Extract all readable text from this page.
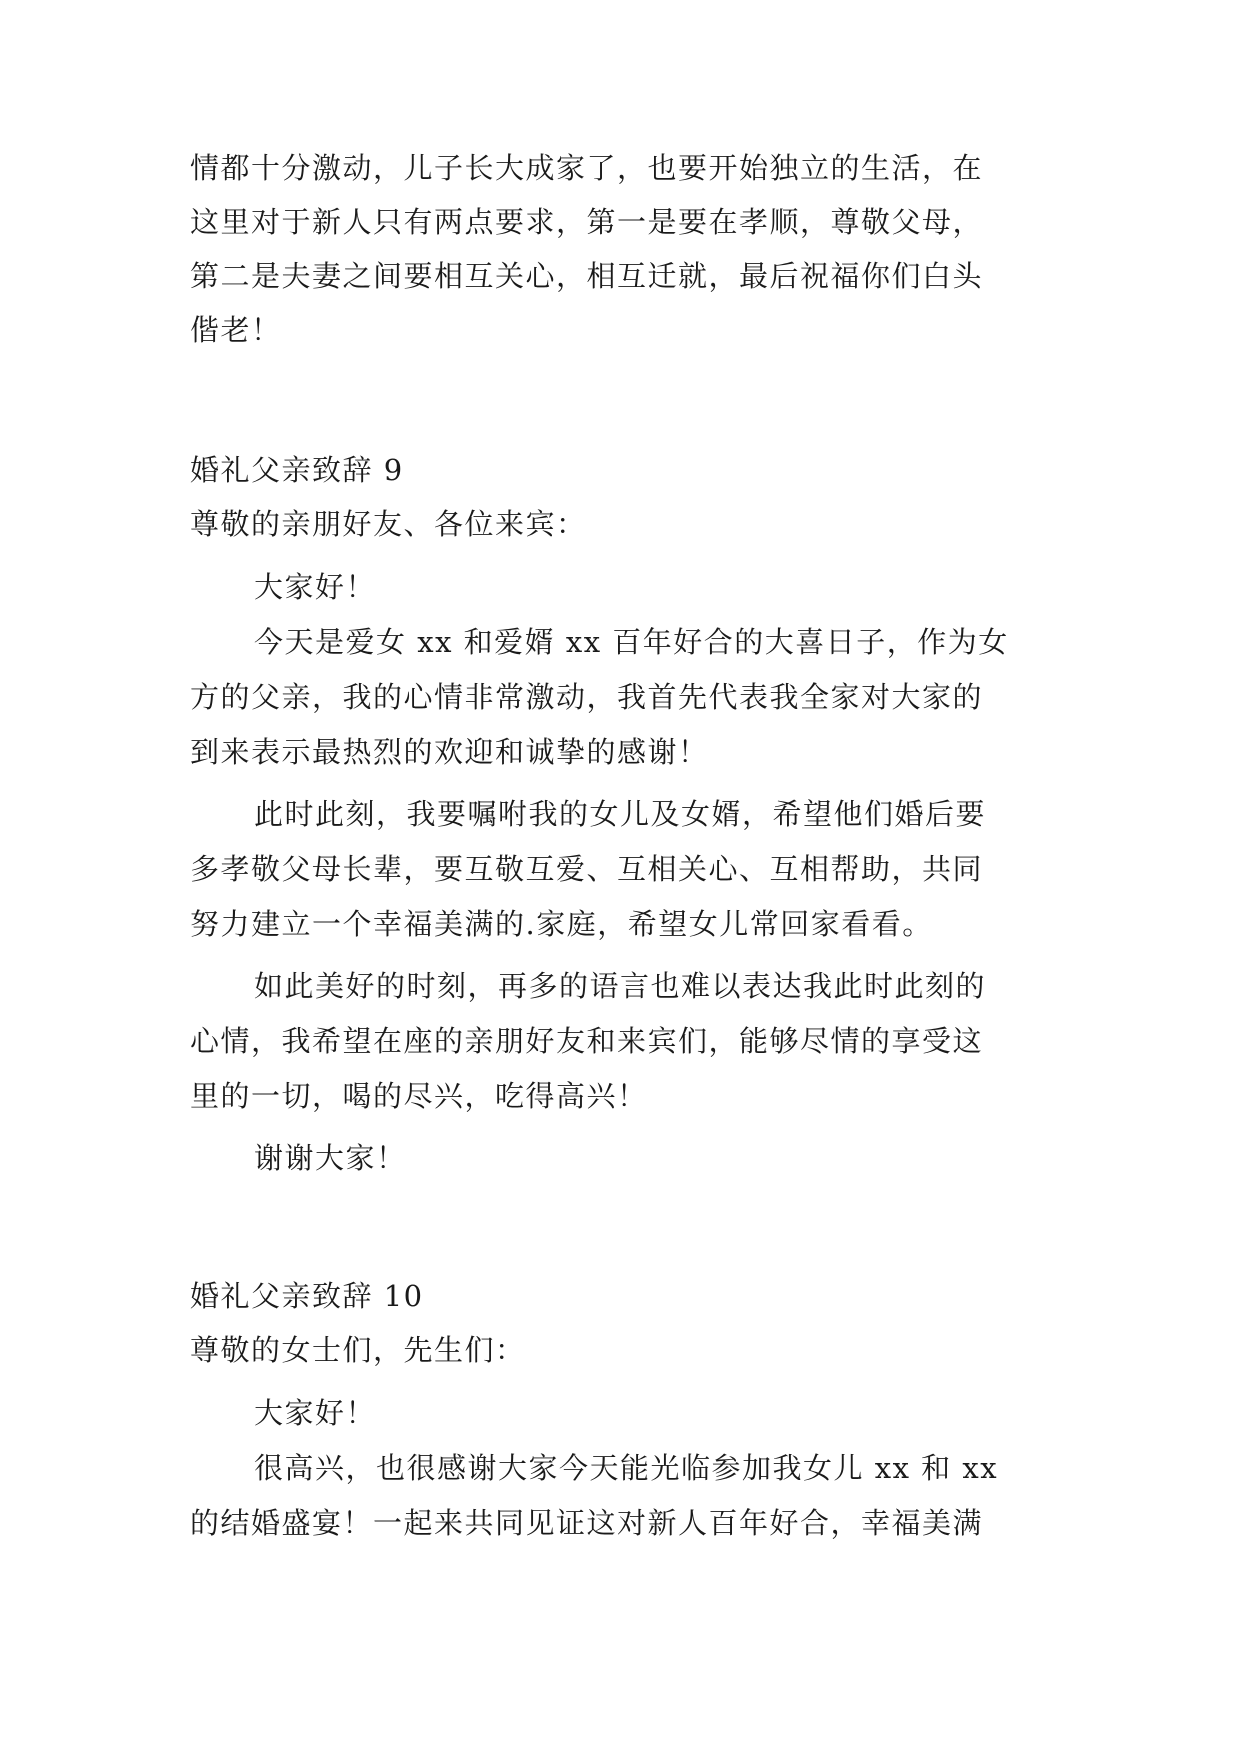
情都十分激动，儿子长大成家了，也要开始独立的生活，在
这里对于新人只有两点要求，第一是要在孝顺，尊敬父母，
第二是夫妻之间要相互关心，相互迁就，最后祝福你们白头
偕老！
婚礼父亲致辞 9
尊敬的亲朋好友、各位来宾：
大家好！
今天是爱女 xx 和爱婿 xx 百年好合的大喜日子，作为女
方的父亲，我的心情非常激动，我首先代表我全家对大家的
到来表示最热烈的欢迎和诚挚的感谢！
此时此刻，我要嘱咐我的女儿及女婿，希望他们婚后要
多孝敬父母长辈，要互敬互爱、互相关心、互相帮助，共同
努力建立一个幸福美满的.家庭，希望女儿常回家看看。
如此美好的时刻，再多的语言也难以表达我此时此刻的
心情，我希望在座的亲朋好友和来宾们，能够尽情的享受这
里的一切，喝的尽兴，吃得高兴！
谢谢大家！
婚礼父亲致辞 10
尊敬的女士们，先生们：
大家好！
很高兴，也很感谢大家今天能光临参加我女儿 xx 和 xx
的结婚盛宴！一起来共同见证这对新人百年好合，幸福美满
